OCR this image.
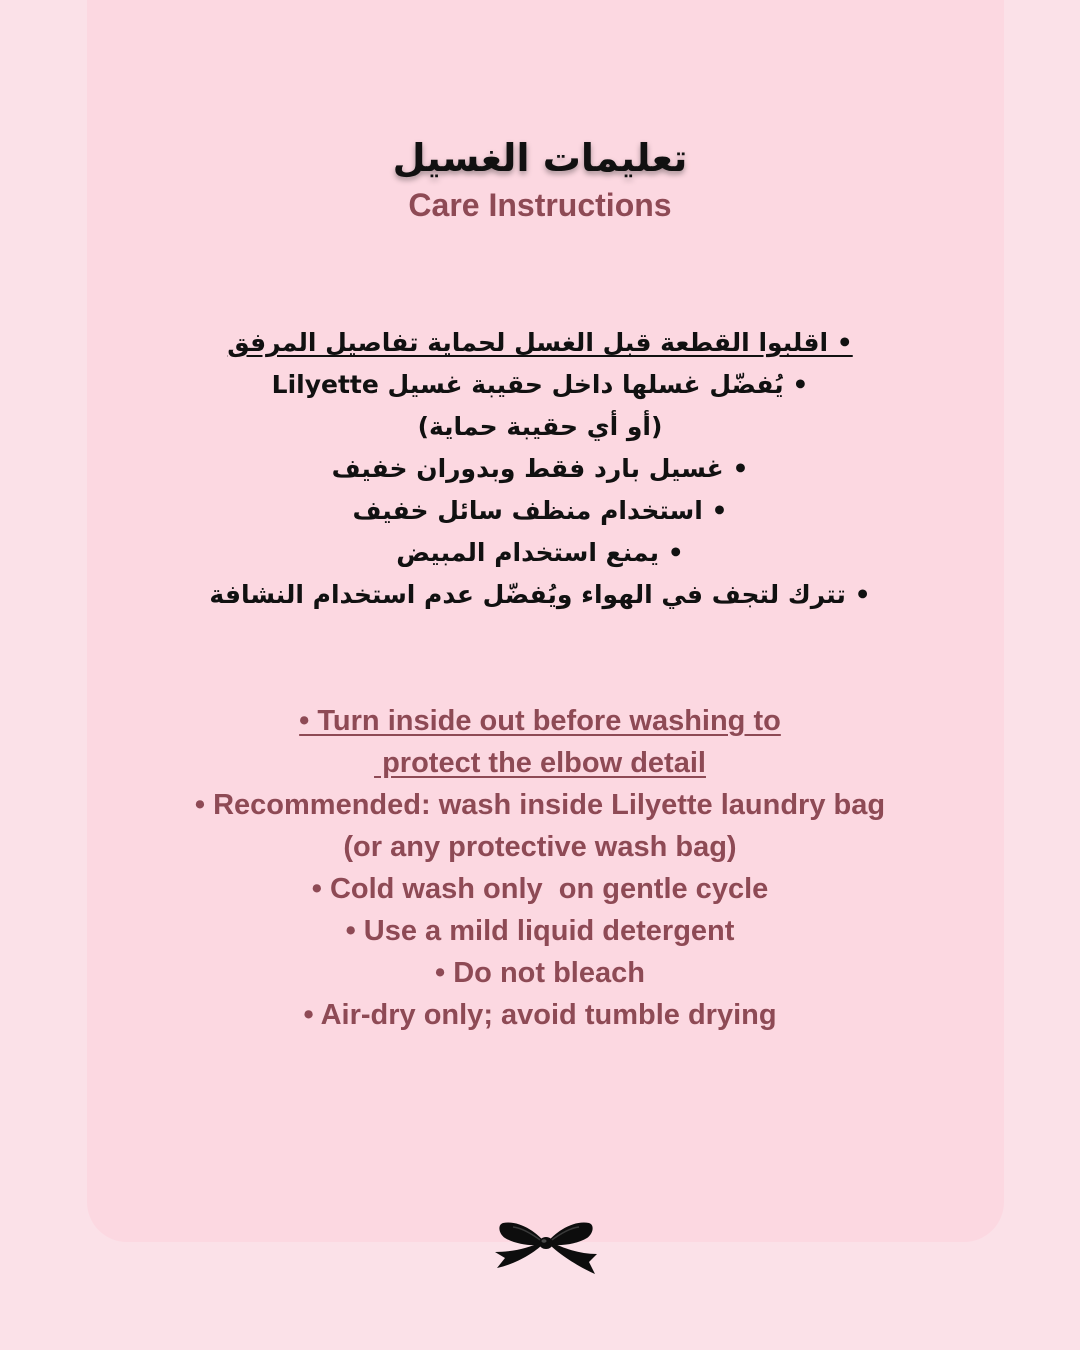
تعليمات الغسيل
Care Instructions
• اقلبوا القطعة قبل الغسل لحماية تفاصيل المرفق
• يُفضّل غسلها داخل حقيبة غسيل Lilyette
(أو أي حقيبة حماية)
• غسيل بارد فقط وبدوران خفيف
• استخدام منظف سائل خفيف
• يمنع استخدام المبيض
• تترك لتجف في الهواء ويُفضّل عدم استخدام النشافة
• Turn inside out before washing to
protect the elbow detail
• Recommended: wash inside Lilyette laundry bag
(or any protective wash bag)
• Cold wash only  on gentle cycle
• Use a mild liquid detergent
• Do not bleach
• Air-dry only; avoid tumble drying
